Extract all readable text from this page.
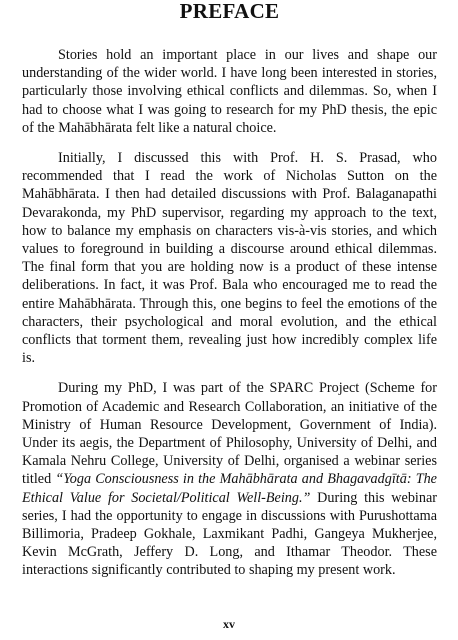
PREFACE

Stories hold an important place in our lives and shape our understanding of the wider world. I have long been interested in stories, particularly those involving ethical conflicts and dilemmas. So, when I had to choose what I was going to research for my PhD thesis, the epic of the Mahābhārata felt like a natural choice.

Initially, I discussed this with Prof. H. S. Prasad, who recommended that I read the work of Nicholas Sutton on the Mahābhārata. I then had detailed discussions with Prof. Balaganapathi Devarakonda, my PhD supervisor, regarding my approach to the text, how to balance my emphasis on characters vis-à-vis stories, and which values to foreground in building a discourse around ethical dilemmas. The final form that you are holding now is a product of these intense deliberations. In fact, it was Prof. Bala who encouraged me to read the entire Mahābhārata. Through this, one begins to feel the emotions of the characters, their psychological and moral evolution, and the ethical conflicts that torment them, revealing just how incredibly complex life is.

During my PhD, I was part of the SPARC Project (Scheme for Promotion of Academic and Research Collaboration, an initiative of the Ministry of Human Resource Development, Government of India). Under its aegis, the Department of Philosophy, University of Delhi, and Kamala Nehru College, University of Delhi, organised a webinar series titled “Yoga Consciousness in the Mahābhārata and Bhagavadgītā: The Ethical Value for Societal/Political Well-Being.” During this webinar series, I had the opportunity to engage in discussions with Purushottama Billimoria, Pradeep Gokhale, Laxmikant Padhi, Gangeya Mukherjee, Kevin McGrath, Jeffery D. Long, and Ithamar Theodor. These interactions significantly contributed to shaping my present work.

xv
